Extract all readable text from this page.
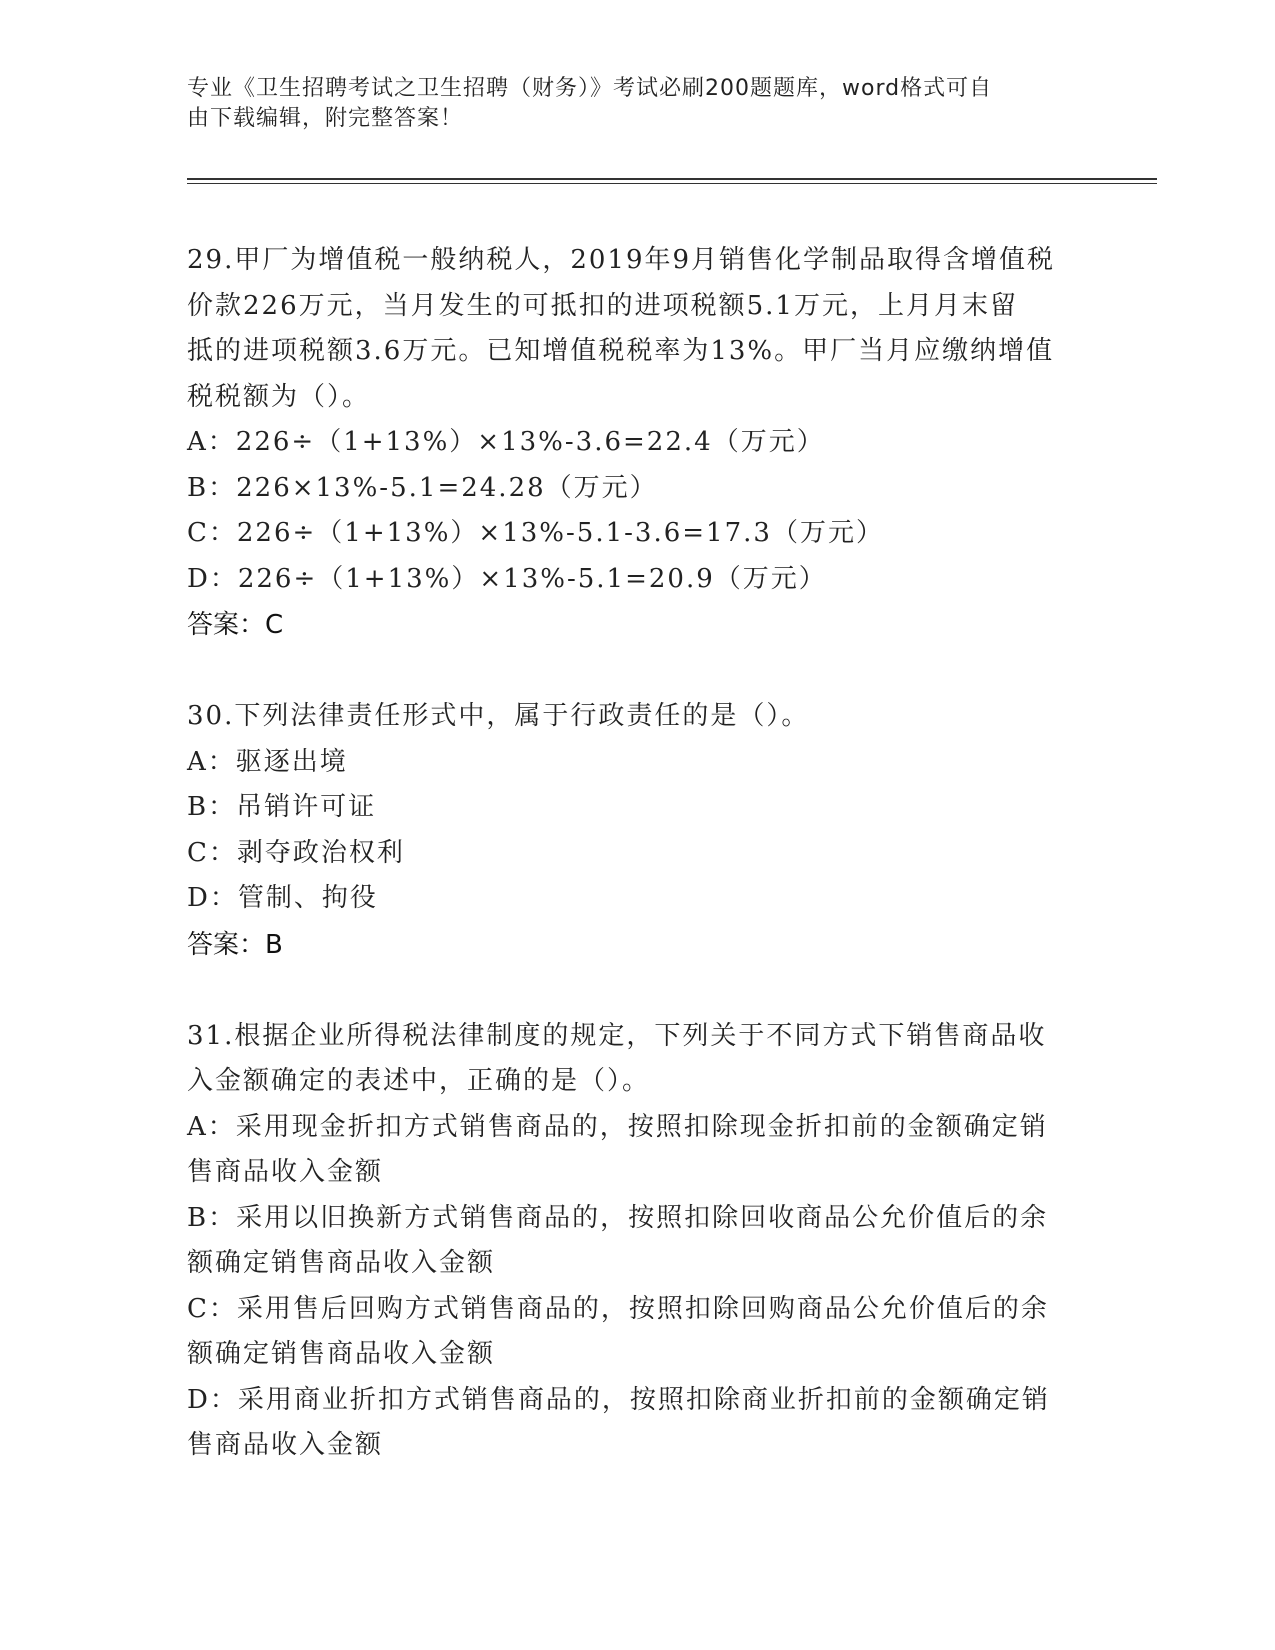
专业《卫生招聘考试之卫生招聘（财务）》考试必刷200题题库，word格式可自
由下载编辑，附完整答案！
29.甲厂为增值税一般纳税人，2019年9月销售化学制品取得含增值税
价款226万元，当月发生的可抵扣的进项税额5.1万元，上月月末留
抵的进项税额3.6万元。已知增值税税率为13%。甲厂当月应缴纳增值
税税额为（）。
A：226÷（1+13%）×13%-3.6=22.4（万元）
B：226×13%-5.1=24.28（万元）
C：226÷（1+13%）×13%-5.1-3.6=17.3（万元）
D：226÷（1+13%）×13%-5.1=20.9（万元）
答案：C
30.下列法律责任形式中，属于行政责任的是（）。
A：驱逐出境
B：吊销许可证
C：剥夺政治权利
D：管制、拘役
答案：B
31.根据企业所得税法律制度的规定，下列关于不同方式下销售商品收
入金额确定的表述中，正确的是（）。
A：采用现金折扣方式销售商品的，按照扣除现金折扣前的金额确定销
售商品收入金额
B：采用以旧换新方式销售商品的，按照扣除回收商品公允价值后的余
额确定销售商品收入金额
C：采用售后回购方式销售商品的，按照扣除回购商品公允价值后的余
额确定销售商品收入金额
D：采用商业折扣方式销售商品的，按照扣除商业折扣前的金额确定销
售商品收入金额
